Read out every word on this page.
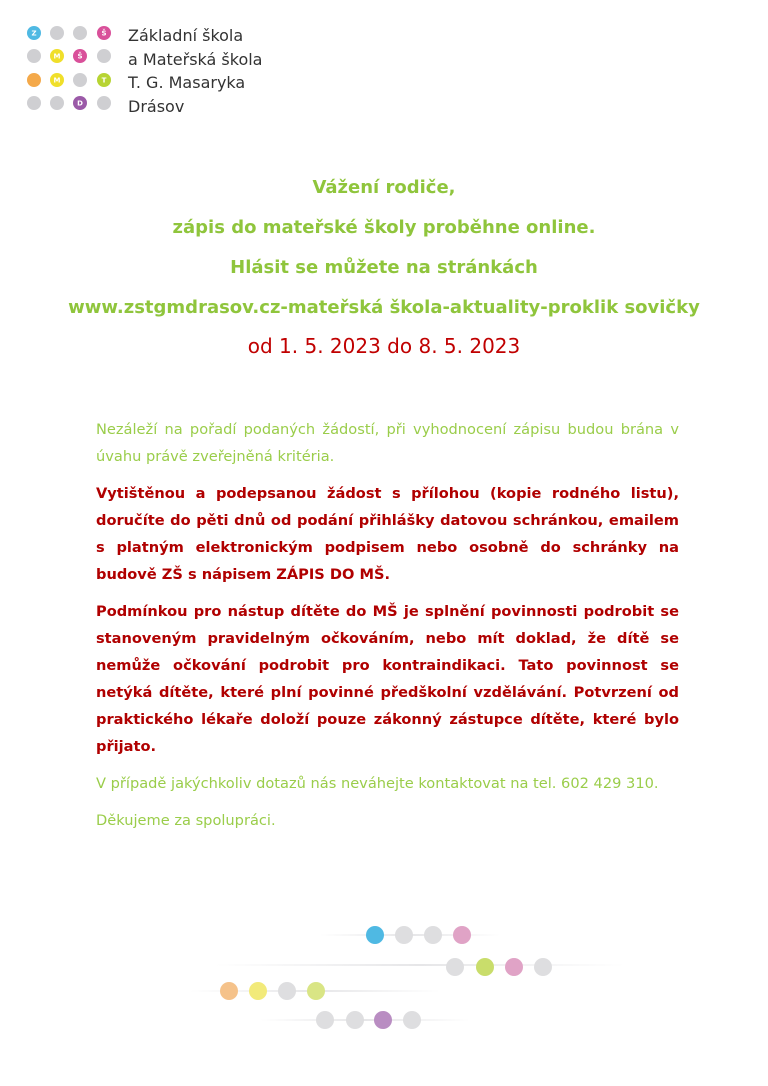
Z	Š
M Š
T
M
D
Základní škola
a Mateřská škola
T. G. Masaryka
Drásov
Vážení rodiče,
zápis do mateřské školy proběhne online.
Hlásit se můžete na stránkách
www.zstgmdrasov.cz-mateřská škola-aktuality-proklik sovičky
od 1. 5. 2023 do 8. 5. 2023

Nezáleží na pořadí podaných žádostí, při vyhodnocení zápisu budou brána v úvahu právě zveřejněná kritéria.

Vytištěnou a podepsanou žádost s přílohou (kopie rodného listu), doručíte do pěti dnů od podání přihlášky datovou schránkou, emailem s platným elektronickým podpisem nebo osobně do schránky na budově ZŠ s nápisem ZÁPIS DO MŠ.

Podmínkou pro nástup dítěte do MŠ je splnění povinnosti podrobit se stanoveným pravidelným očkováním, nebo mít doklad, že dítě se nemůže očkování podrobit pro kontraindikaci. Tato povinnost se netýká dítěte, které plní povinné předškolní vzdělávání. Potvrzení od praktického lékaře doloží pouze zákonný zástupce dítěte, které bylo přijato.

V případě jakýchkoliv dotazů nás neváhejte kontaktovat na tel. 602 429 310.

Děkujeme za spolupráci.
